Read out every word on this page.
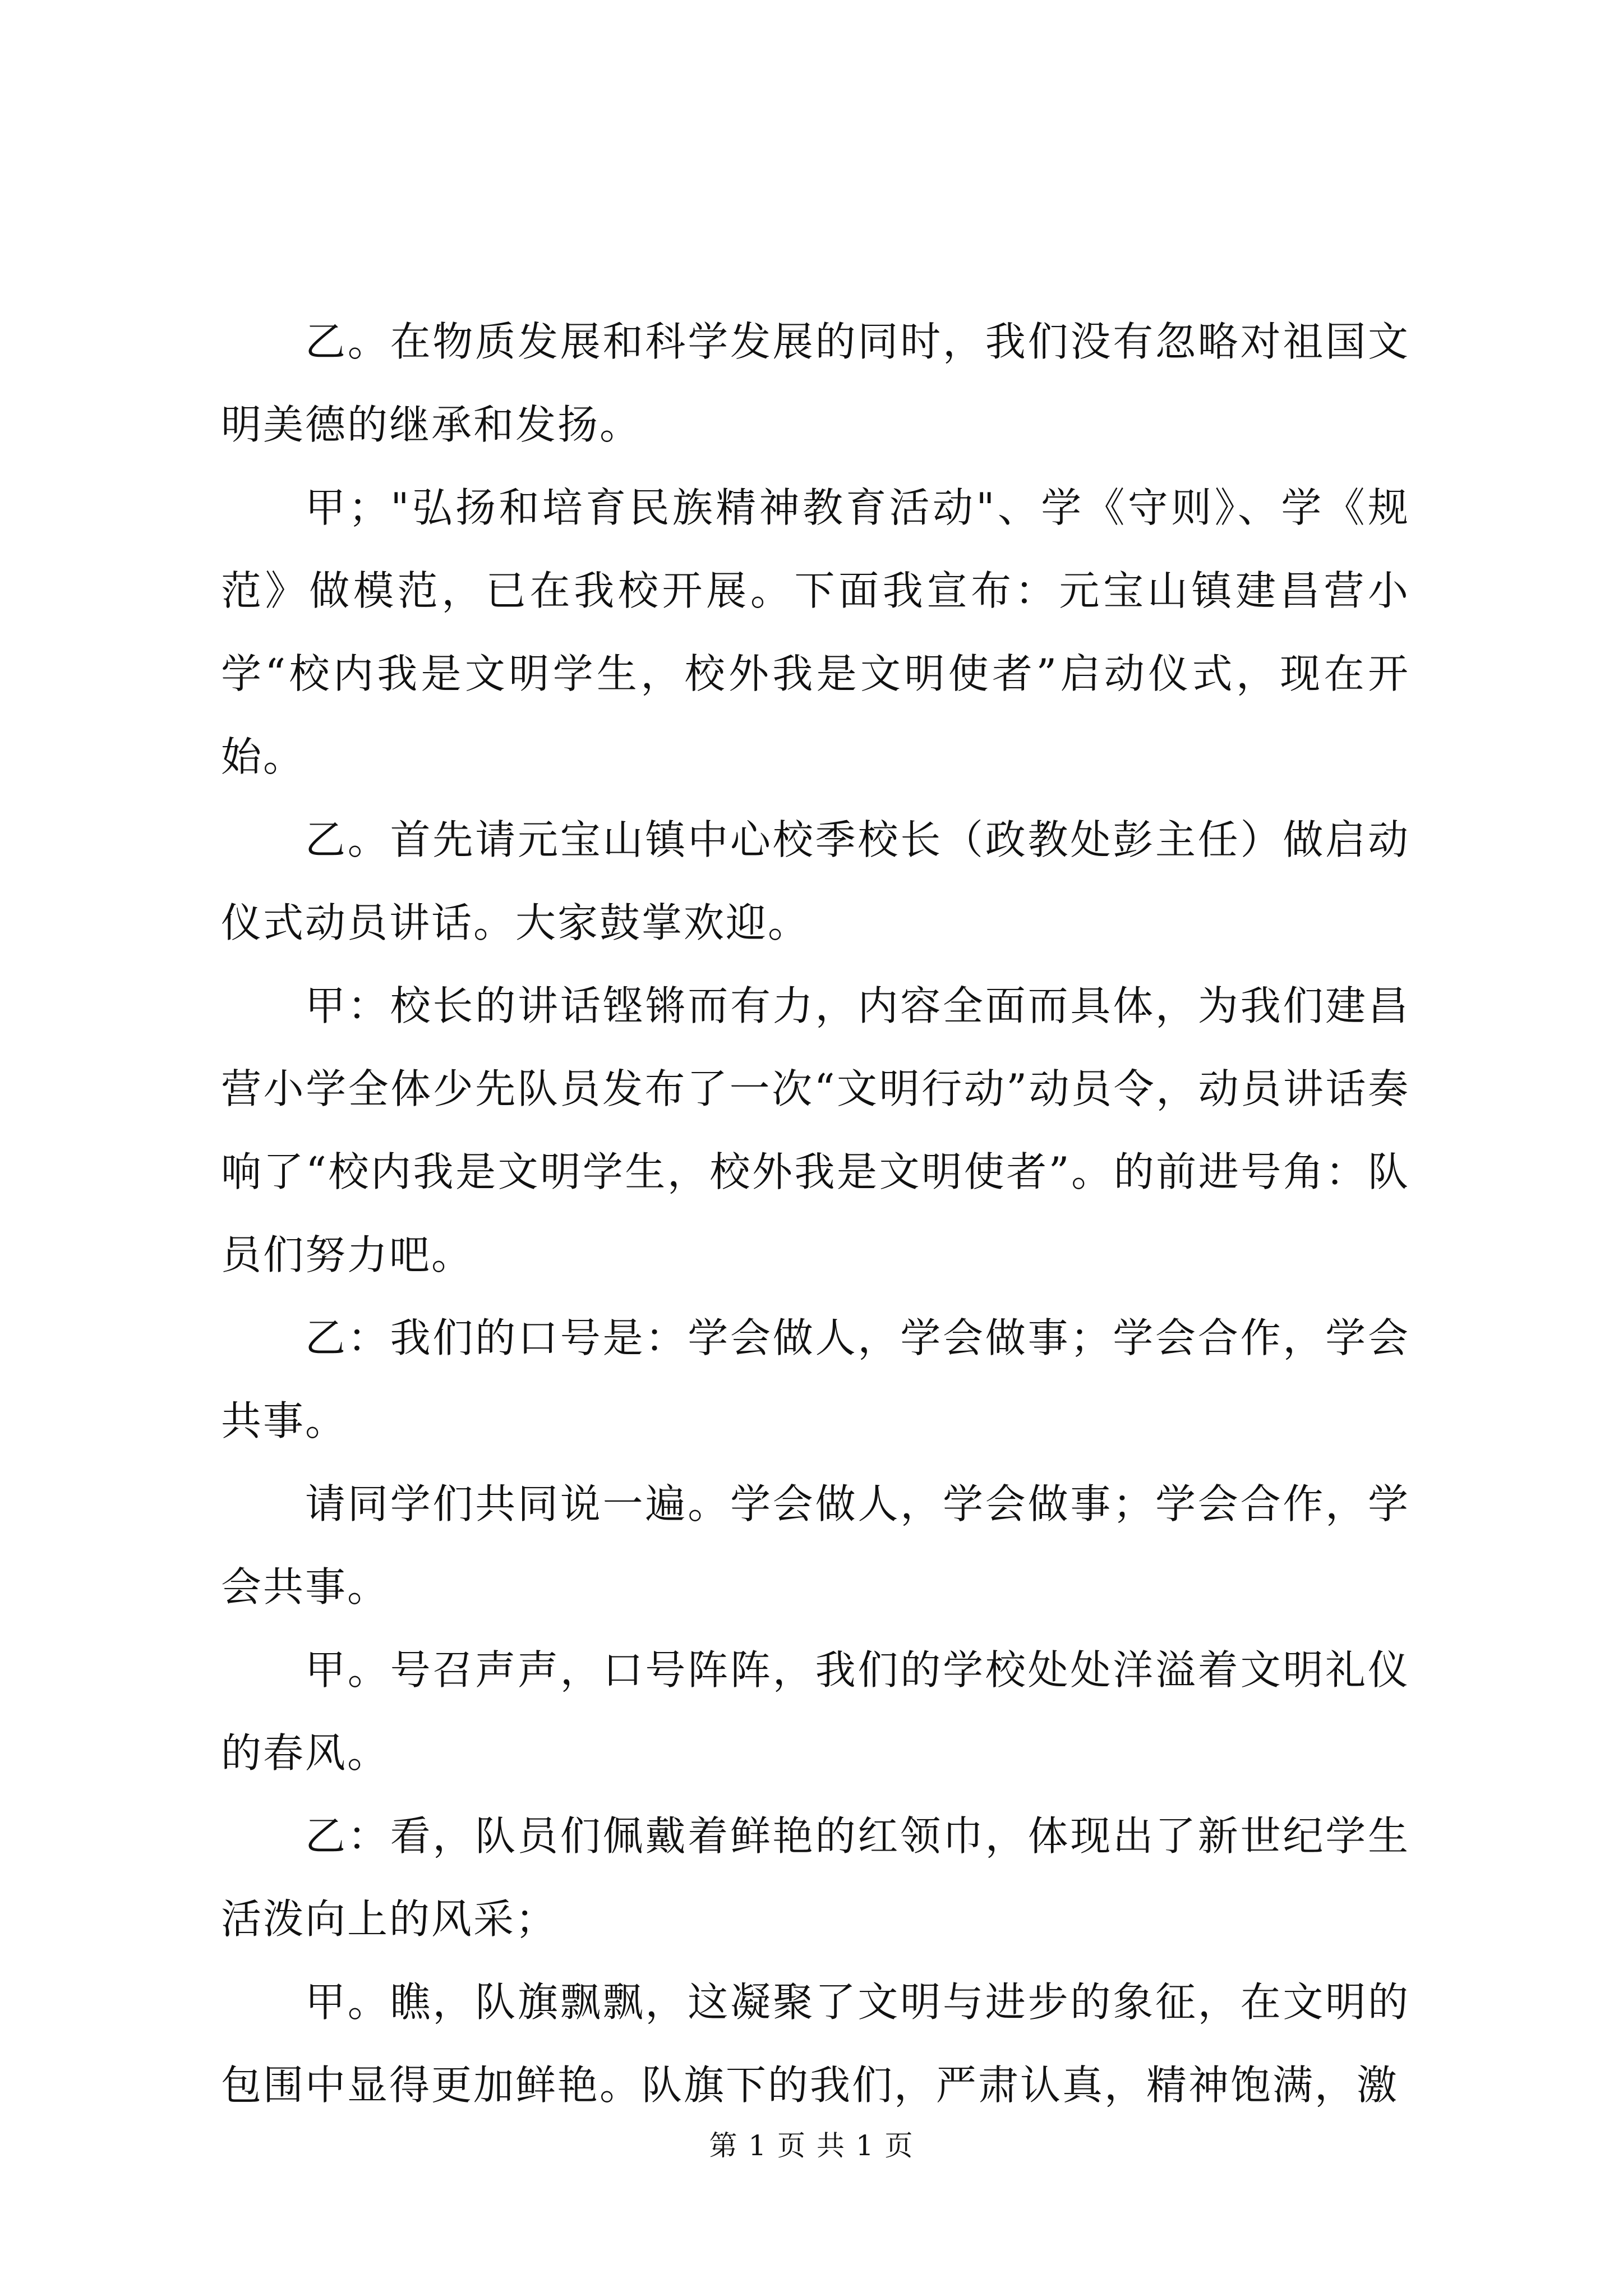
乙。在物质发展和科学发展的同时，我们没有忽略对祖国文明美德的继承和发扬。

甲；"弘扬和培育民族精神教育活动"、学《守则》、学《规范》做模范，已在我校开展。下面我宣布：元宝山镇建昌营小学“校内我是文明学生，校外我是文明使者”启动仪式，现在开始。

乙。首先请元宝山镇中心校季校长（政教处彭主任）做启动仪式动员讲话。大家鼓掌欢迎。

甲：校长的讲话铿锵而有力，内容全面而具体，为我们建昌营小学全体少先队员发布了一次“文明行动”动员令，动员讲话奏响了“校内我是文明学生，校外我是文明使者”。的前进号角：队员们努力吧。

乙：我们的口号是：学会做人，学会做事；学会合作，学会共事。

请同学们共同说一遍。学会做人，学会做事；学会合作，学会共事。

甲。号召声声，口号阵阵，我们的学校处处洋溢着文明礼仪的春风。

乙：看，队员们佩戴着鲜艳的红领巾，体现出了新世纪学生活泼向上的风采；

甲。瞧，队旗飘飘，这凝聚了文明与进步的象征，在文明的包围中显得更加鲜艳。队旗下的我们，严肃认真，精神饱满，激

第 1 页 共 1 页
